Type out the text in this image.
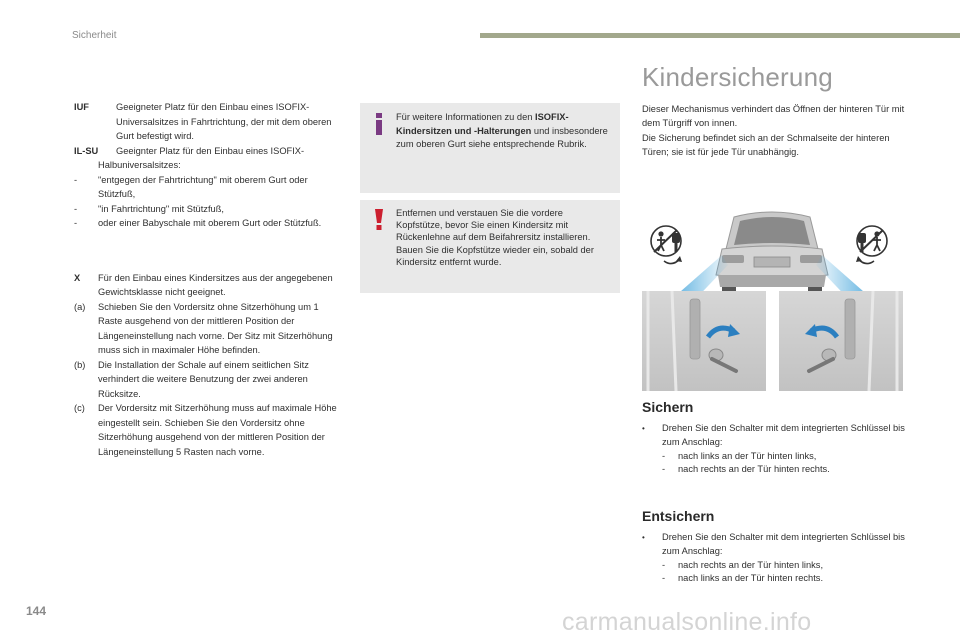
Sicherheit
IUF	Geeigneter Platz für den Einbau eines ISOFIX-Universalsitzes in Fahrtrichtung, der mit dem oberen Gurt befestigt wird.
IL-SU	Geeignter Platz für den Einbau eines ISOFIX-
Halbuniversalsitzes:
-	"entgegen der Fahrtrichtung" mit oberem Gurt oder Stützfuß,
-	"in Fahrtrichtung" mit Stützfuß,
-	oder einer Babyschale mit oberem Gurt oder Stützfuß.
X	Für den Einbau eines Kindersitzes aus der angegebenen Gewichtsklasse nicht geeignet.
(a)	Schieben Sie den Vordersitz ohne Sitzerhöhung um 1 Raste ausgehend von der mittleren Position der Längeneinstellung nach vorne. Der Sitz mit Sitzerhöhung muss sich in maximaler Höhe befinden.
(b)	Die Installation der Schale auf einem seitlichen Sitz verhindert die weitere Benutzung der zwei anderen Rücksitze.
(c)	Der Vordersitz mit Sitzerhöhung muss auf maximale Höhe eingestellt sein. Schieben Sie den Vordersitz ohne Sitzerhöhung ausgehend von der mittleren Position der Längeneinstellung 5 Rasten nach vorne.
Für weitere Informationen zu den ISOFIX-Kindersitzen und -Halterungen und insbesondere zum oberen Gurt siehe entsprechende Rubrik.
Entfernen und verstauen Sie die vordere Kopfstütze, bevor Sie einen Kindersitz mit Rückenlehne auf dem Beifahrersitz installieren.
Bauen Sie die Kopfstütze wieder ein, sobald der Kindersitz entfernt wurde.
Kindersicherung

Dieser Mechanismus verhindert das Öffnen der hinteren Tür mit dem Türgriff von innen.

Die Sicherung befindet sich an der Schmalseite der hinteren Türen; sie ist für jede Tür unabhängig.

Sichern
•	Drehen Sie den Schalter mit dem integrierten Schlüssel bis zum Anschlag:
-	nach links an der Tür hinten links,
-	nach rechts an der Tür hinten rechts.
Entsichern
•	Drehen Sie den Schalter mit dem integrierten Schlüssel bis zum Anschlag:
-	nach rechts an der Tür hinten links,
-	nach links an der Tür hinten rechts.
144	carmanualsonline.info
